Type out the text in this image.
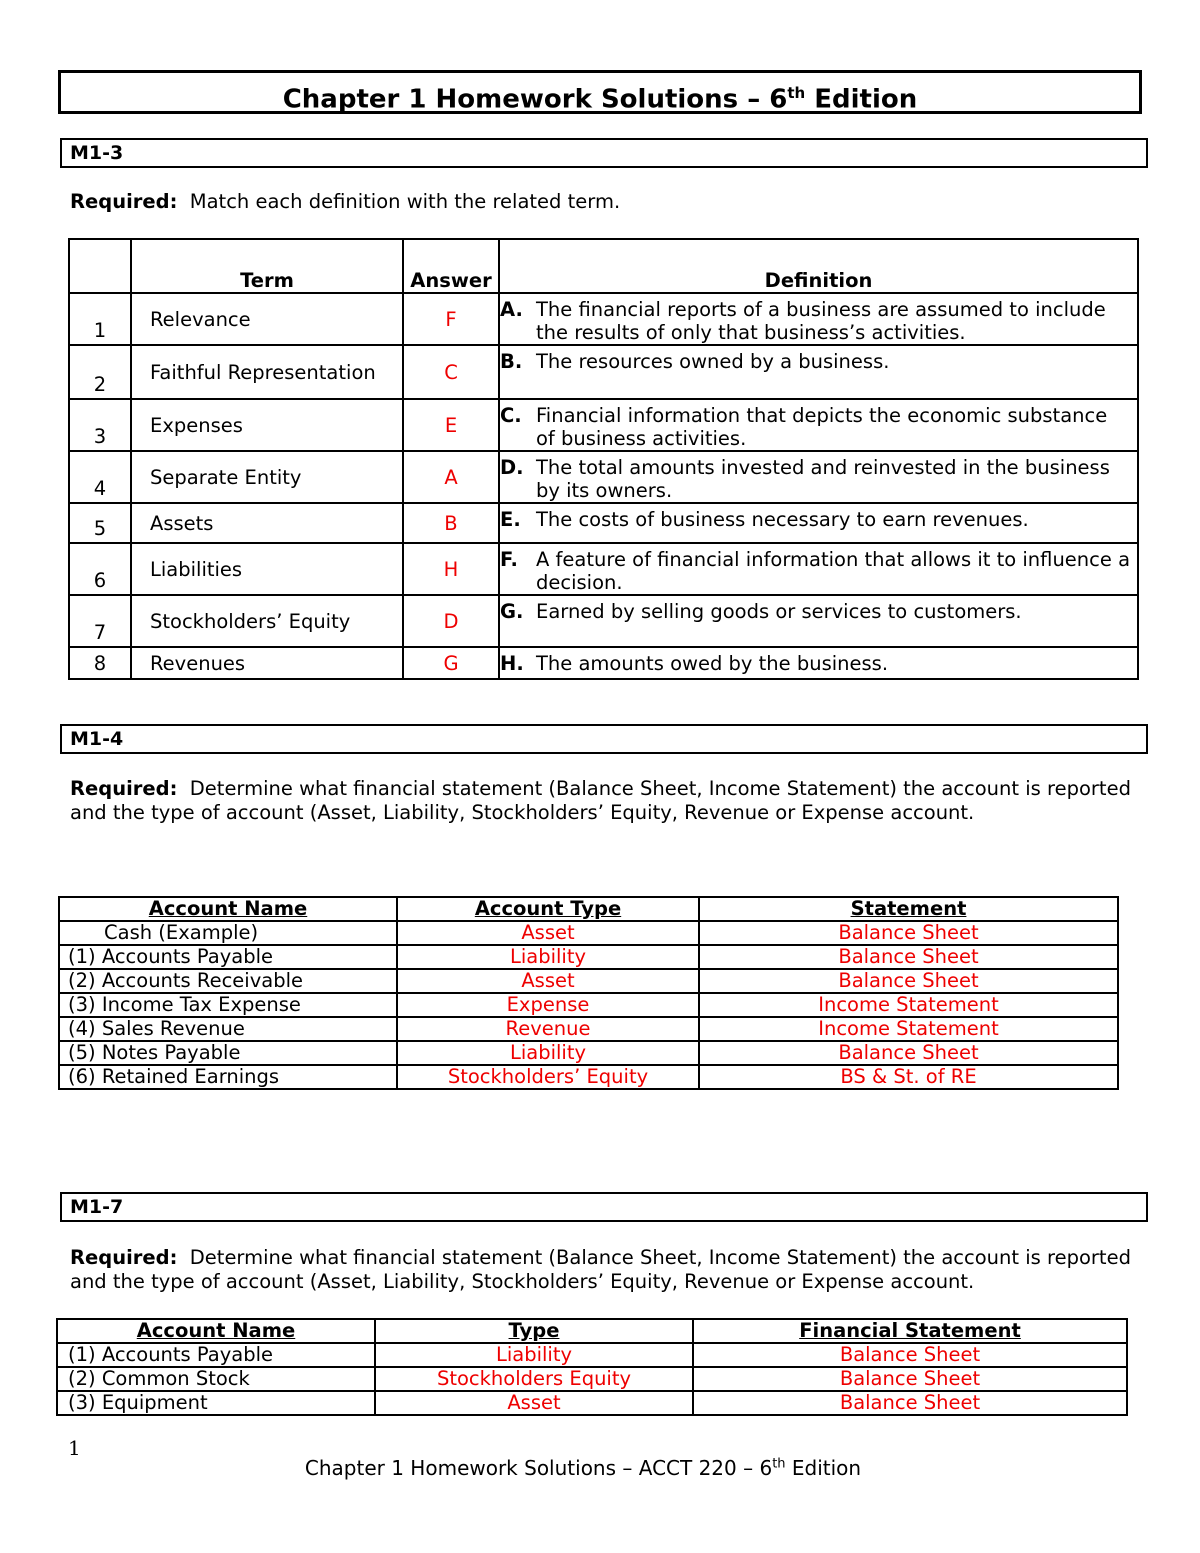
Chapter 1 Homework Solutions – 6th Edition
M1-3
Required: Match each definition with the related term.
	Term	Answer	Definition
1	Relevance	F	A. The financial reports of a business are assumed to include the results of only that business’s activities.
2	Faithful Representation	C	B. The resources owned by a business.
3	Expenses	E	C. Financial information that depicts the economic substance of business activities.
4	Separate Entity	A	D. The total amounts invested and reinvested in the business by its owners.
5	Assets	B	E. The costs of business necessary to earn revenues.
6	Liabilities	H	F. A feature of financial information that allows it to influence a decision.
7	Stockholders’ Equity	D	G. Earned by selling goods or services to customers.
8	Revenues	G	H. The amounts owed by the business.
M1-4
Required: Determine what financial statement (Balance Sheet, Income Statement) the account is reported and the type of account (Asset, Liability, Stockholders’ Equity, Revenue or Expense account.
Account Name	Account Type	Statement
Cash (Example)	Asset	Balance Sheet
(1) Accounts Payable	Liability	Balance Sheet
(2) Accounts Receivable	Asset	Balance Sheet
(3) Income Tax Expense	Expense	Income Statement
(4) Sales Revenue	Revenue	Income Statement
(5) Notes Payable	Liability	Balance Sheet
(6) Retained Earnings	Stockholders’ Equity	BS & St. of RE
M1-7
Required: Determine what financial statement (Balance Sheet, Income Statement) the account is reported and the type of account (Asset, Liability, Stockholders’ Equity, Revenue or Expense account.
Account Name	Type	Financial Statement
(1) Accounts Payable	Liability	Balance Sheet
(2) Common Stock	Stockholders Equity	Balance Sheet
(3) Equipment	Asset	Balance Sheet
1
Chapter 1 Homework Solutions – ACCT 220 – 6th Edition
